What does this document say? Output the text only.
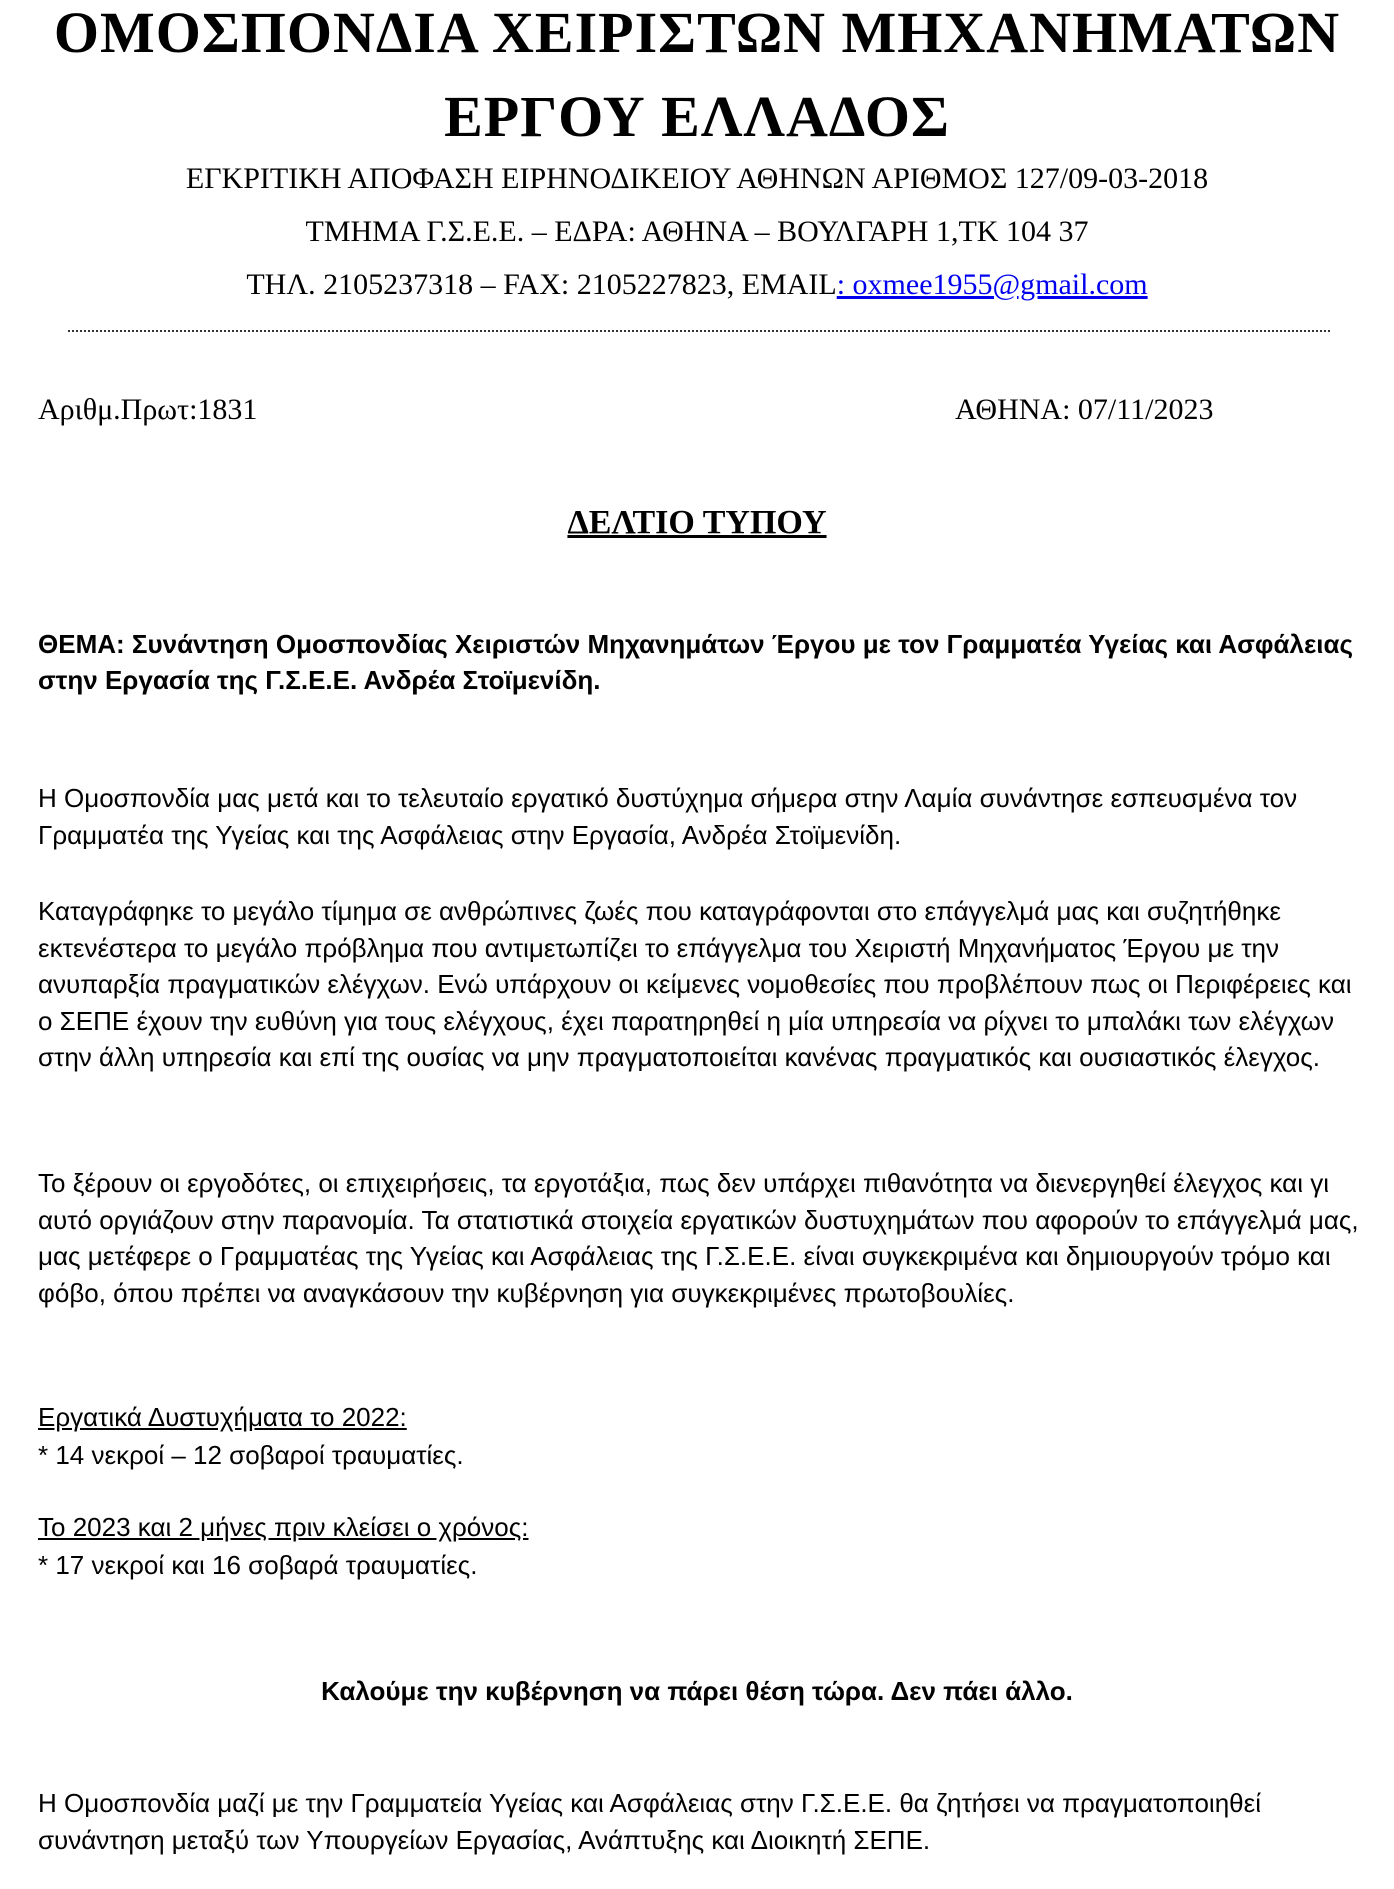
ΟΜΟΣΠΟΝΔΙΑ ΧΕΙΡΙΣΤΩΝ ΜΗΧΑΝΗΜΑΤΩΝ
ΕΡΓΟΥ ΕΛΛΑΔΟΣ
ΕΓΚΡΙΤΙΚΗ ΑΠΟΦΑΣΗ ΕΙΡΗΝΟΔΙΚΕΙΟΥ ΑΘΗΝΩΝ ΑΡΙΘΜΟΣ 127/09-03-2018
ΤΜΗΜΑ Γ.Σ.Ε.Ε. – ΕΔΡΑ: ΑΘΗΝΑ – ΒΟΥΛΓΑΡΗ 1,ΤΚ 104 37
ΤΗΛ. 2105237318 – FAX: 2105227823, EMAIL: oxmee1955@gmail.com
Αριθμ.Πρωτ:1831	ΑΘΗΝΑ: 07/11/2023
ΔΕΛΤΙΟ ΤΥΠΟΥ
ΘΕΜΑ: Συνάντηση Ομοσπονδίας Χειριστών Μηχανημάτων Έργου με τον Γραμματέα Υγείας και Ασφάλειας στην Εργασία της Γ.Σ.Ε.Ε. Ανδρέα Στοϊμενίδη.
Η Ομοσπονδία μας μετά και το τελευταίο εργατικό δυστύχημα σήμερα στην Λαμία συνάντησε εσπευσμένα τον Γραμματέα της Υγείας και της Ασφάλειας στην Εργασία, Ανδρέα Στοϊμενίδη.
Καταγράφηκε το μεγάλο τίμημα σε ανθρώπινες ζωές που καταγράφονται στο επάγγελμά μας και συζητήθηκε εκτενέστερα το μεγάλο πρόβλημα που αντιμετωπίζει το επάγγελμα του Χειριστή Μηχανήματος Έργου με την ανυπαρξία πραγματικών ελέγχων. Ενώ υπάρχουν οι κείμενες νομοθεσίες που προβλέπουν πως οι Περιφέρειες και ο ΣΕΠΕ έχουν την ευθύνη για τους ελέγχους, έχει παρατηρηθεί η μία υπηρεσία να ρίχνει το μπαλάκι των ελέγχων στην άλλη υπηρεσία και επί της ουσίας να μην πραγματοποιείται κανένας πραγματικός και ουσιαστικός έλεγχος.
Το ξέρουν οι εργοδότες, οι επιχειρήσεις, τα εργοτάξια, πως δεν υπάρχει πιθανότητα να διενεργηθεί έλεγχος και γι αυτό οργιάζουν στην παρανομία. Τα στατιστικά στοιχεία εργατικών δυστυχημάτων που αφορούν το επάγγελμά μας, μας μετέφερε ο Γραμματέας της Υγείας και Ασφάλειας της Γ.Σ.Ε.Ε. είναι συγκεκριμένα και δημιουργούν τρόμο και φόβο, όπου πρέπει να αναγκάσουν την κυβέρνηση για συγκεκριμένες πρωτοβουλίες.
Εργατικά Δυστυχήματα το 2022:
* 14 νεκροί – 12 σοβαροί τραυματίες.
Το 2023 και 2 μήνες πριν κλείσει ο χρόνος:
* 17 νεκροί και 16 σοβαρά τραυματίες.
Καλούμε την κυβέρνηση να πάρει θέση τώρα. Δεν πάει άλλο.
Η Ομοσπονδία μαζί με την Γραμματεία Υγείας και Ασφάλειας στην Γ.Σ.Ε.Ε. θα ζητήσει να πραγματοποιηθεί συνάντηση μεταξύ των Υπουργείων Εργασίας, Ανάπτυξης και Διοικητή ΣΕΠΕ.
